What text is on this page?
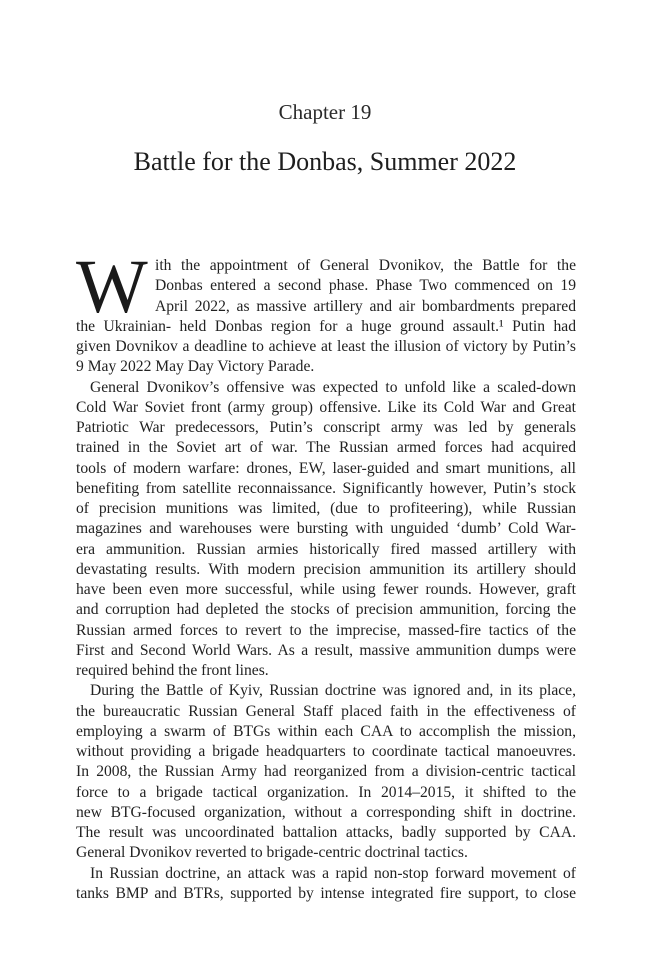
Chapter 19
Battle for the Donbas, Summer 2022
W ith the appointment of General Dvonikov, the Battle for the

Donbas entered a second phase. Phase Two commenced on 19

April 2022, as massive artillery and air bombardments prepared

the Ukrainian- held Donbas region for a huge ground assault.¹ Putin had

given Dovnikov a deadline to achieve at least the illusion of victory by Putin’s

9 May 2022 May Day Victory Parade.

General Dvonikov’s offensive was expected to unfold like a scaled-down

Cold War Soviet front (army group) offensive. Like its Cold War and Great

Patriotic War predecessors, Putin’s conscript army was led by generals

trained in the Soviet art of war. The Russian armed forces had acquired

tools of modern warfare: drones, EW, laser-guided and smart munitions, all

benefiting from satellite reconnaissance. Significantly however, Putin’s stock

of precision munitions was limited, (due to profiteering), while Russian

magazines and warehouses were bursting with unguided ‘dumb’ Cold War-

era ammunition. Russian armies historically fired massed artillery with

devastating results. With modern precision ammunition its artillery should

have been even more successful, while using fewer rounds. However, graft

and corruption had depleted the stocks of precision ammunition, forcing the

Russian armed forces to revert to the imprecise, massed-fire tactics of the

First and Second World Wars. As a result, massive ammunition dumps were

required behind the front lines.

During the Battle of Kyiv, Russian doctrine was ignored and, in its place,

the bureaucratic Russian General Staff placed faith in the effectiveness of

employing a swarm of BTGs within each CAA to accomplish the mission,

without providing a brigade headquarters to coordinate tactical manoeuvres.

In 2008, the Russian Army had reorganized from a division-centric tactical

force to a brigade tactical organization. In 2014–2015, it shifted to the

new BTG-focused organization, without a corresponding shift in doctrine.

The result was uncoordinated battalion attacks, badly supported by CAA.

General Dvonikov reverted to brigade-centric doctrinal tactics.

In Russian doctrine, an attack was a rapid non-stop forward movement of

tanks BMP and BTRs, supported by intense integrated fire support, to close
